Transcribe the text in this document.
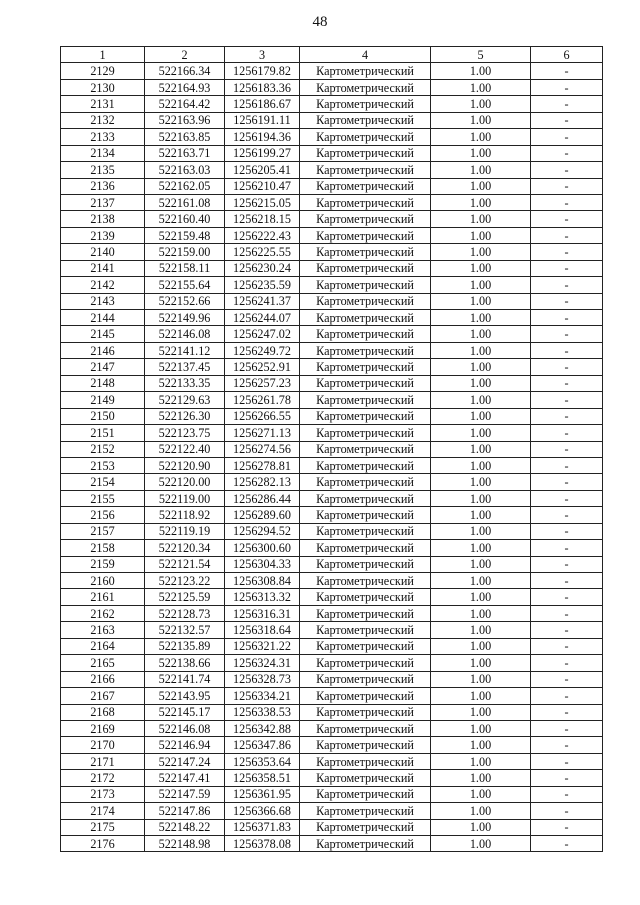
48
1	2	3	4	5	6
2129	522166.34	1256179.82	Картометрический	1.00	-
2130	522164.93	1256183.36	Картометрический	1.00	-
2131	522164.42	1256186.67	Картометрический	1.00	-
2132	522163.96	1256191.11	Картометрический	1.00	-
2133	522163.85	1256194.36	Картометрический	1.00	-
2134	522163.71	1256199.27	Картометрический	1.00	-
2135	522163.03	1256205.41	Картометрический	1.00	-
2136	522162.05	1256210.47	Картометрический	1.00	-
2137	522161.08	1256215.05	Картометрический	1.00	-
2138	522160.40	1256218.15	Картометрический	1.00	-
2139	522159.48	1256222.43	Картометрический	1.00	-
2140	522159.00	1256225.55	Картометрический	1.00	-
2141	522158.11	1256230.24	Картометрический	1.00	-
2142	522155.64	1256235.59	Картометрический	1.00	-
2143	522152.66	1256241.37	Картометрический	1.00	-
2144	522149.96	1256244.07	Картометрический	1.00	-
2145	522146.08	1256247.02	Картометрический	1.00	-
2146	522141.12	1256249.72	Картометрический	1.00	-
2147	522137.45	1256252.91	Картометрический	1.00	-
2148	522133.35	1256257.23	Картометрический	1.00	-
2149	522129.63	1256261.78	Картометрический	1.00	-
2150	522126.30	1256266.55	Картометрический	1.00	-
2151	522123.75	1256271.13	Картометрический	1.00	-
2152	522122.40	1256274.56	Картометрический	1.00	-
2153	522120.90	1256278.81	Картометрический	1.00	-
2154	522120.00	1256282.13	Картометрический	1.00	-
2155	522119.00	1256286.44	Картометрический	1.00	-
2156	522118.92	1256289.60	Картометрический	1.00	-
2157	522119.19	1256294.52	Картометрический	1.00	-
2158	522120.34	1256300.60	Картометрический	1.00	-
2159	522121.54	1256304.33	Картометрический	1.00	-
2160	522123.22	1256308.84	Картометрический	1.00	-
2161	522125.59	1256313.32	Картометрический	1.00	-
2162	522128.73	1256316.31	Картометрический	1.00	-
2163	522132.57	1256318.64	Картометрический	1.00	-
2164	522135.89	1256321.22	Картометрический	1.00	-
2165	522138.66	1256324.31	Картометрический	1.00	-
2166	522141.74	1256328.73	Картометрический	1.00	-
2167	522143.95	1256334.21	Картометрический	1.00	-
2168	522145.17	1256338.53	Картометрический	1.00	-
2169	522146.08	1256342.88	Картометрический	1.00	-
2170	522146.94	1256347.86	Картометрический	1.00	-
2171	522147.24	1256353.64	Картометрический	1.00	-
2172	522147.41	1256358.51	Картометрический	1.00	-
2173	522147.59	1256361.95	Картометрический	1.00	-
2174	522147.86	1256366.68	Картометрический	1.00	-
2175	522148.22	1256371.83	Картометрический	1.00	-
2176	522148.98	1256378.08	Картометрический	1.00	-
